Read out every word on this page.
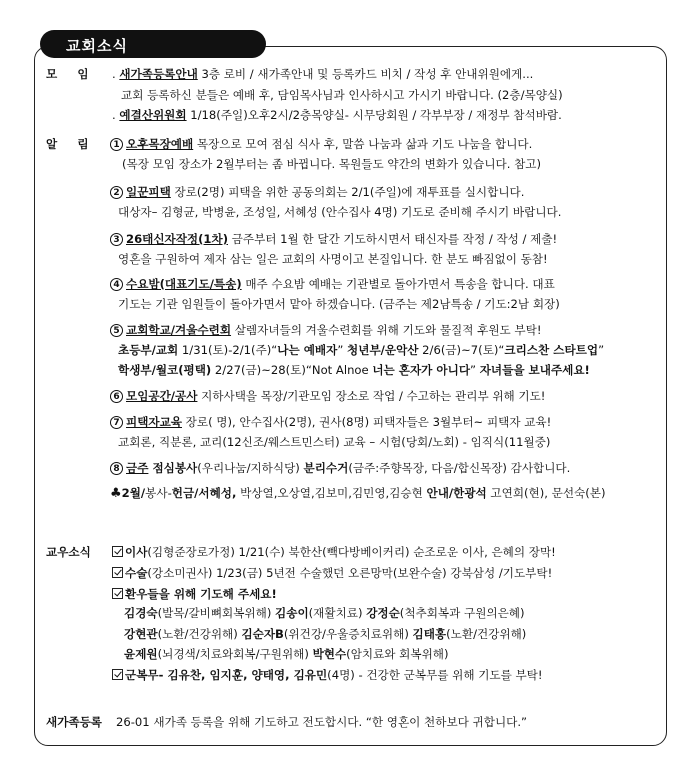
교회소식
모     임 . 새가족등록안내 3층 로비 / 새가족안내 및 등록카드 비치 / 작성 후 안내위원에게...
교회 등록하신 분들은 예배 후, 담임목사님과 인사하시고 가시기 바랍니다. (2층/목양실)
. 예결산위원회 1/18(주일)오후2시/2층목양실- 시무당회원 / 각부부장 / 재정부 참석바람.
알     림	1 오후목장예배 목장으로 모여 점심 식사 후, 말씀 나눔과 삶과 기도 나눔을 합니다.
(목장 모임 장소가 2월부터는 좀 바뀝니다. 목원들도 약간의 변화가 있습니다. 참고)
2 일꾼피택 장로(2명) 피택을 위한 공동의회는 2/1(주일)에 재투표를 실시합니다.
대상자– 김형균, 박병윤, 조성일, 서혜성 (안수집사 4명) 기도로 준비해 주시기 바랍니다.
3 26태신자작정(1차) 금주부터 1월 한 달간 기도하시면서 태신자를 작정 / 작성 / 제출!
영혼을 구원하여 제자 삼는 일은 교회의 사명이고 본질입니다. 한 분도 빠짐없이 동참!
4 수요밤(대표기도/특송) 매주 수요밤 예배는 기관별로 돌아가면서 특송을 합니다. 대표
기도는 기관 임원들이 돌아가면서 맡아 하겠습니다. (금주는 제2남특송 / 기도:2남 회장)
5 교회학교/겨울수련회 살렘자녀들의 겨울수련회를 위해 기도와 물질적 후원도 부탁!
초등부/교회 1/31(토)-2/1(주)“나는 예배자” 청년부/운악산 2/6(금)~7(토)“크리스찬 스타트업”
학생부/월코(평택) 2/27(금)~28(토)“Not Alnoe 너는 혼자가 아니다” 자녀들을 보내주세요!
6 모임공간/공사 지하사택을 목장/기관모임 장소로 작업 / 수고하는 관리부 위해 기도!
7 피택자교육 장로( 명), 안수집사(2명), 권사(8명) 피택자들은 3월부터~ 피택자 교육!
교회론, 직분론, 교리(12신조/웨스트민스터) 교육 – 시험(당회/노회) - 임직식(11월중)
8 금주 점심봉사(우리나눔/지하식당) 분리수거(금주:주향목장, 다음/합신목장) 감사합니다.
♣2월/봉사-헌금/서혜성, 박상열,오상열,김보미,김민영,김승현 안내/한광석 고연희(현), 문선숙(본)
교우소식	이사(김형준장로가정) 1/21(수) 북한산(빽다방베이커리) 순조로운 이사, 은혜의 장막!
수술(강소미권사) 1/23(금) 5년전 수술했던 오른망막(보완수술) 강북삼성 /기도부탁!
환우들을 위해 기도해 주세요!
김경숙(발목/갈비뼈회복위해) 김송이(재활치료) 강정순(척추회복과 구원의은혜)
강현관(노환/건강위해) 김순자B(위건강/우울증치료위해) 김태홍(노환/건강위해)
윤제원(뇌경색/치료와회복/구원위해) 박현수(암치료와 회복위해)
군복무- 김유찬, 임지훈, 양태영, 김유민(4명) - 건강한 군복무를 위해 기도를 부탁!
새가족등록 26-01 새가족 등록을 위해 기도하고 전도합시다. “한 영혼이 천하보다 귀합니다.”
